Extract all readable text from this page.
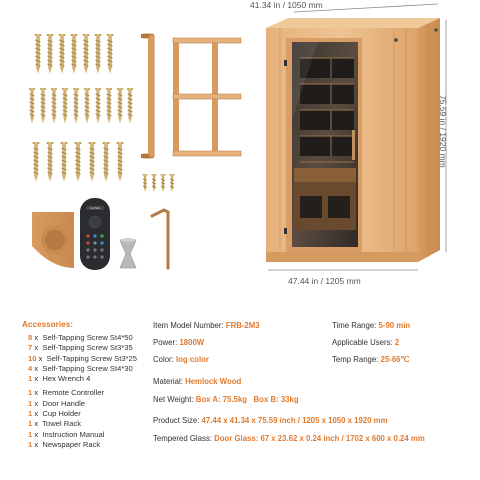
ALPHA
41.34 in / 1050 mm
47.44 in / 1205 mm
75.59 in / 1920 mm
Accessories:
8 x Self-Tapping Screw St4*50
7 x Self-Tapping Screw St3*35
10 x Self-Tapping Screw St3*25
4 x Self-Tapping Screw St4*30
1 x Hex Wrench 4
1 x Remote Controller
1 x Door Handle
1 x Cup Holder
1 x Towel Rack
1 x Instruction Manual
1 x Newspaper Rack
Item Model Number: FRB-2M3
Power: 1800W
Color: log color
Material: Hemlock Wood
Net Weight: Box A: 75.5kg Box B: 33kg
Product Size: 47.44 x 41.34 x 75.59 inch / 1205 x 1050 x 1920 mm
Tempered Glass: Door Glass: 67 x 23.62 x 0.24 inch / 1702 x 600 x 0.24 mm
Time Range: 5-90 min
Applicable Users: 2
Temp Range: 25-66℃
